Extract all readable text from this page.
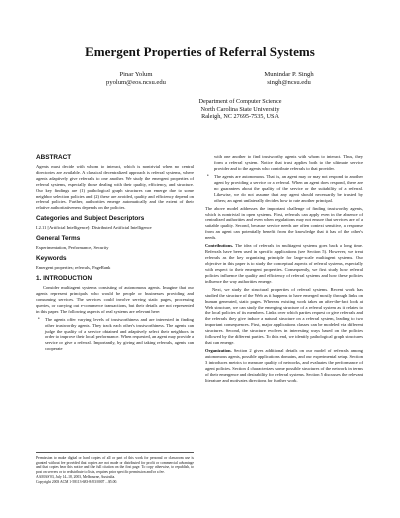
Emergent Properties of Referral Systems
Pinar Yolum
pyolum@eos.ncsu.edu
Munindar P. Singh
singh@ncsu.edu
Department of Computer Science
North Carolina State University
Raleigh, NC 27695-7535, USA
ABSTRACT

Agents must decide with whom to interact, which is nontrivial when no central directories are available. A classical decentralized approach is referral systems, where agents adaptively give referrals to one another. We study the emergent properties of referral systems, especially those dealing with their quality, efficiency, and structure. Our key findings are (1) pathological graph structures can emerge due to some neighbor selection policies and (2) these are avoided, quality and efficiency depend on referral policies. Further, authorities emerge automatically and the extent of their relative authoritativeness depends on the policies.

Categories and Subject Descriptors

I.2.11 [Artificial Intelligence]: Distributed Artificial Intelligence

General Terms

Experimentation, Performance, Security

Keywords

Emergent properties; referrals, PageRank

1. INTRODUCTION

Consider multiagent systems consisting of autonomous agents. Imagine that our agents represent principals who would be people or businesses providing and consuming services. The services could involve serving static pages, processing queries, or carrying out e-commerce transactions, but their details are not represented in this paper. The following aspects of real systems are relevant here:

• The agents offer varying levels of trustworthiness and are interested in finding other trustworthy agents. They track each other's trustworthiness. The agents can judge the quality of a service obtained and adaptively select their neighbors in order to improve their local performance. When requested, an agent may provide a service or give a referral. Importantly, by giving and taking referrals, agents can cooperate
Permission to make digital or hard copies of all or part of this work for personal or classroom use is granted without fee provided that copies are not made or distributed for profit or commercial advantage and that copies bear this notice and the full citation on the first page. To copy otherwise, to republish, to post on servers or to redistribute to lists, requires prior specific permission and/or a fee.
AAMAS'03, July 14–18, 2003, Melbourne, Australia.
Copyright 2003 ACM 1-58113-683-8/03/0007 ...$5.00.
with one another to find trustworthy agents with whom to interact. Thus, they form a referral system. Notice that trust applies both to the ultimate service provider and to the agents who contribute referrals to that provider.
• The agents are autonomous. That is, an agent may or may not respond to another agent by providing a service or a referral. When an agent does respond, there are no guarantees about the quality of the service or the suitability of a referral. Likewise, we do not assume that any agent should necessarily be trusted by others; an agent unilaterally decides how to rate another principal.

The above model addresses the important challenge of finding trustworthy agents, which is nontrivial in open systems. First, referrals can apply even in the absence of centralized authorities and even when regulations may not ensure that services are of a suitable quality. Second, because service needs are often context sensitive, a response from an agent can potentially benefit from the knowledge that it has of the other's needs.

Contributions. The idea of referrals in multiagent systems goes back a long time. Referrals have been used in specific applications (see Section 5). However, we treat referrals as the key organizing principle for large-scale multiagent systems. Our objective in this paper is to study the conceptual aspects of referral systems, especially with respect to their emergent properties. Consequently, we first study how referral policies influence the quality and efficiency of referral systems and how these policies influence the way authorities emerge.

Next, we study the structural properties of referral systems. Recent work has studied the structure of the Web as it happens to have emerged mostly through links on human generated, static pages. Whereas existing work takes an after-the-fact look at Web structure, we can study the emerging structure of a referral system as it relates to the local policies of its members. Links over which parties request or give referrals and the referrals they give induce a natural structure on a referral system, leading to two important consequences. First, major applications classes can be modeled via different structures. Second, the structure evolves in interesting ways based on the policies followed by the different parties. To this end, we identify pathological graph structures that can emerge.

Organization. Section 2 gives additional details on our model of referrals among autonomous agents, possible applications domains, and our experimental setup. Section 3 introduces metrics to measure quality of networks, and evaluates the performance of agent policies. Section 4 characterizes some possible structures of the network in terms of their emergence and desirability for referral systems. Section 5 discusses the relevant literature and motivates directions for further work.
